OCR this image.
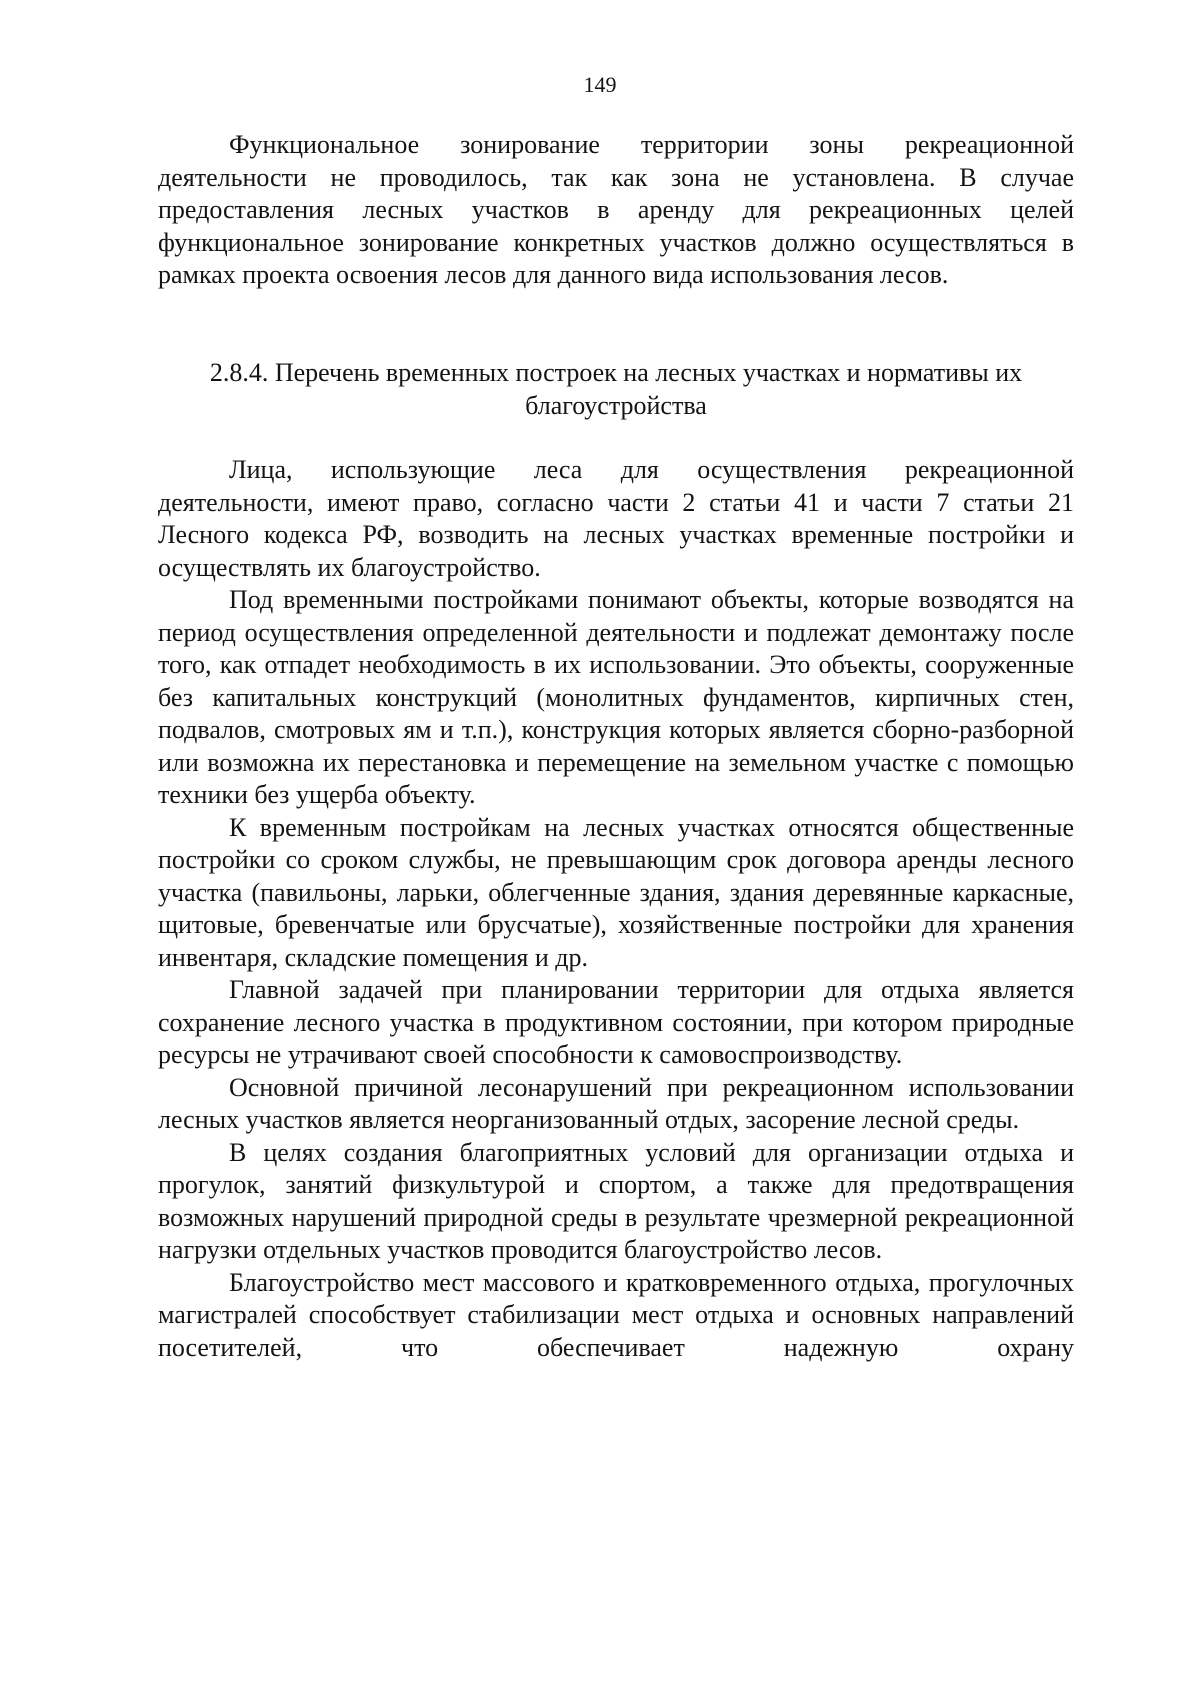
149

Функциональное зонирование территории зоны рекреационной деятельности не проводилось, так как зона не установлена. В случае предоставления лесных участков в аренду для рекреационных целей функциональное зонирование конкретных участков должно осуществляться в рамках проекта освоения лесов для данного вида использования лесов.

2.8.4. Перечень временных построек на лесных участках и нормативы их благоустройства

Лица, использующие леса для осуществления рекреационной деятельности, имеют право, согласно части 2 статьи 41 и части 7 статьи 21 Лесного кодекса РФ, возводить на лесных участках временные постройки и осуществлять их благоустройство.

Под временными постройками понимают объекты, которые возводятся на период осуществления определенной деятельности и подлежат демонтажу после того, как отпадет необходимость в их использовании. Это объекты, сооруженные без капитальных конструкций (монолитных фундаментов, кирпичных стен, подвалов, смотровых ям и т.п.), конструкция которых является сборно-разборной или возможна их перестановка и перемещение на земельном участке с помощью техники без ущерба объекту.

К временным постройкам на лесных участках относятся общественные постройки со сроком службы, не превышающим срок договора аренды лесного участка (павильоны, ларьки, облегченные здания, здания деревянные каркасные, щитовые, бревенчатые или брусчатые), хозяйственные постройки для хранения инвентаря, складские помещения и др.

Главной задачей при планировании территории для отдыха является сохранение лесного участка в продуктивном состоянии, при котором природные ресурсы не утрачивают своей способности к самовоспроизводству.

Основной причиной лесонарушений при рекреационном использовании лесных участков является неорганизованный отдых, засорение лесной среды.

В целях создания благоприятных условий для организации отдыха и прогулок, занятий физкультурой и спортом, а также для предотвращения возможных нарушений природной среды в результате чрезмерной рекреационной нагрузки отдельных участков проводится благоустройство лесов.

Благоустройство мест массового и кратковременного отдыха, прогулочных магистралей способствует стабилизации мест отдыха и основных направлений посетителей, что обеспечивает надежную охрану
